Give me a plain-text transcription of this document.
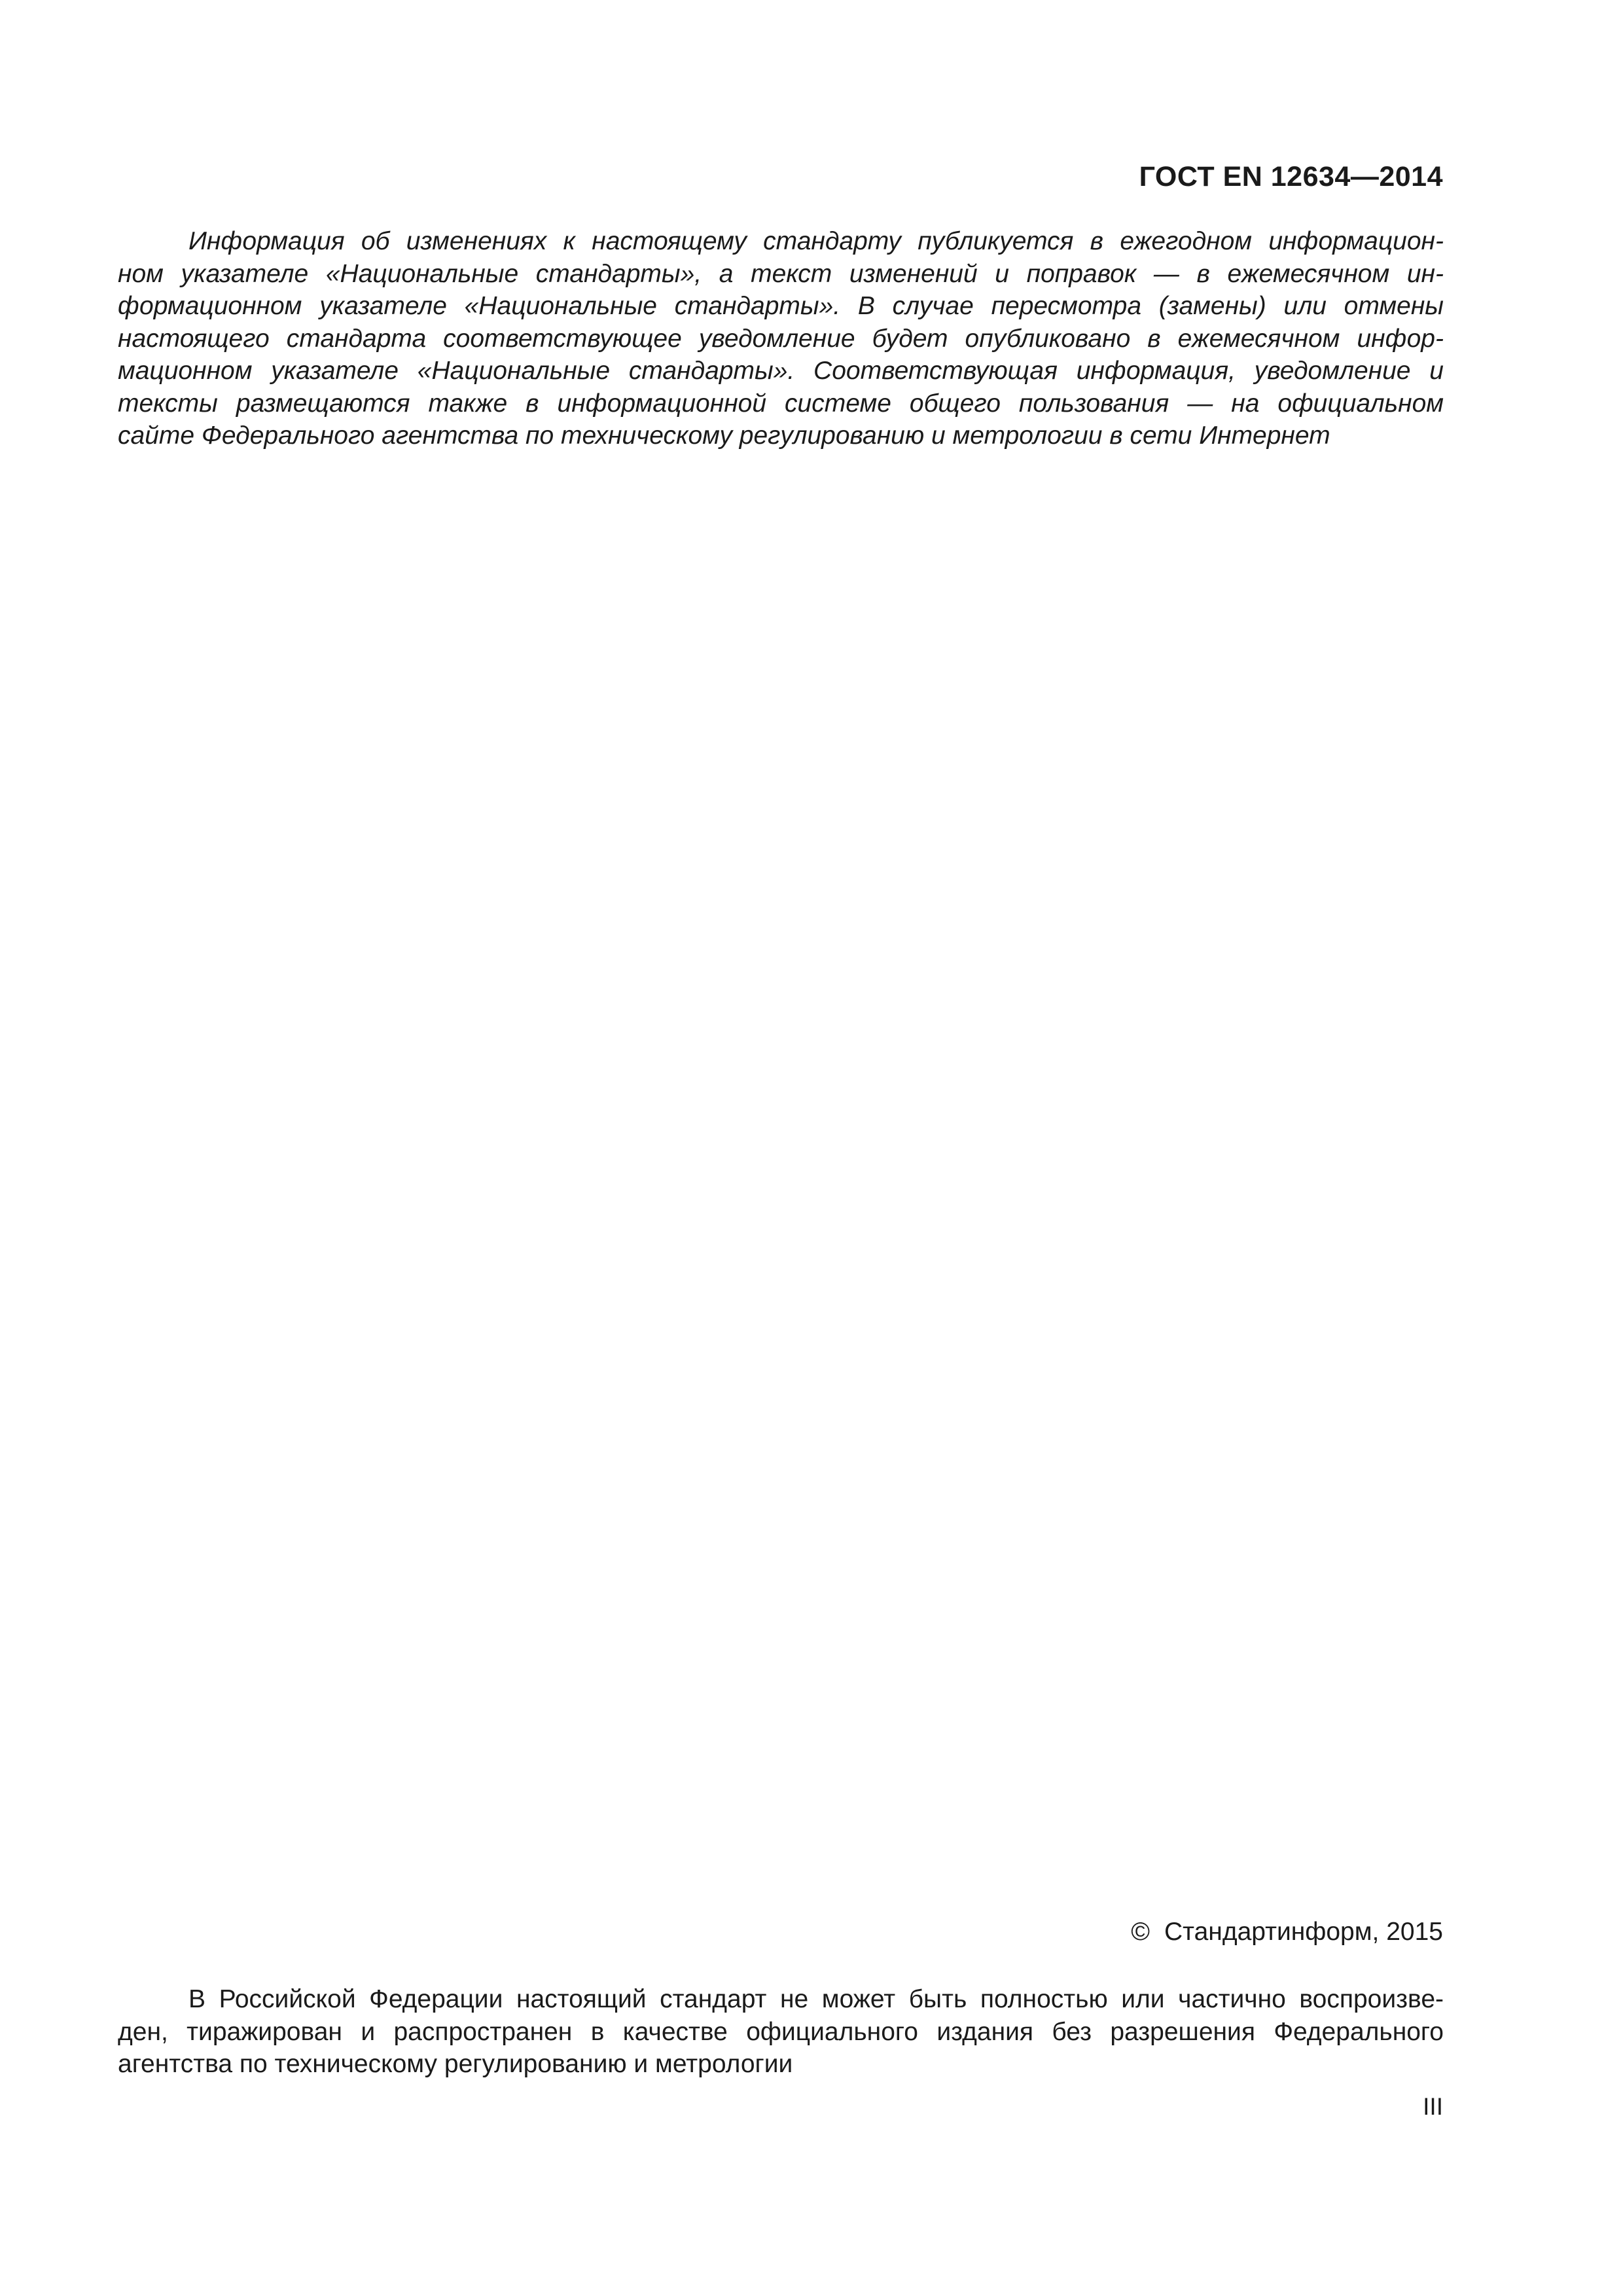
ГОСТ EN 12634—2014

Информация об изменениях к настоящему стандарту публикуется в ежегодном информацион-
ном указателе «Национальные стандарты», а текст изменений и поправок — в ежемесячном ин-
формационном указателе «Национальные стандарты». В случае пересмотра (замены) или отмены
настоящего стандарта соответствующее уведомление будет опубликовано в ежемесячном инфор-
мационном указателе «Национальные стандарты». Соответствующая информация, уведомление и
тексты размещаются также в информационной системе общего пользования — на официальном
сайте Федерального агентства по техническому регулированию и метрологии в сети Интернет

© Стандартинформ, 2015

В Российской Федерации настоящий стандарт не может быть полностью или частично воспроизве-
ден, тиражирован и распространен в качестве официального издания без разрешения Федерального
агентства по техническому регулированию и метрологии

III
